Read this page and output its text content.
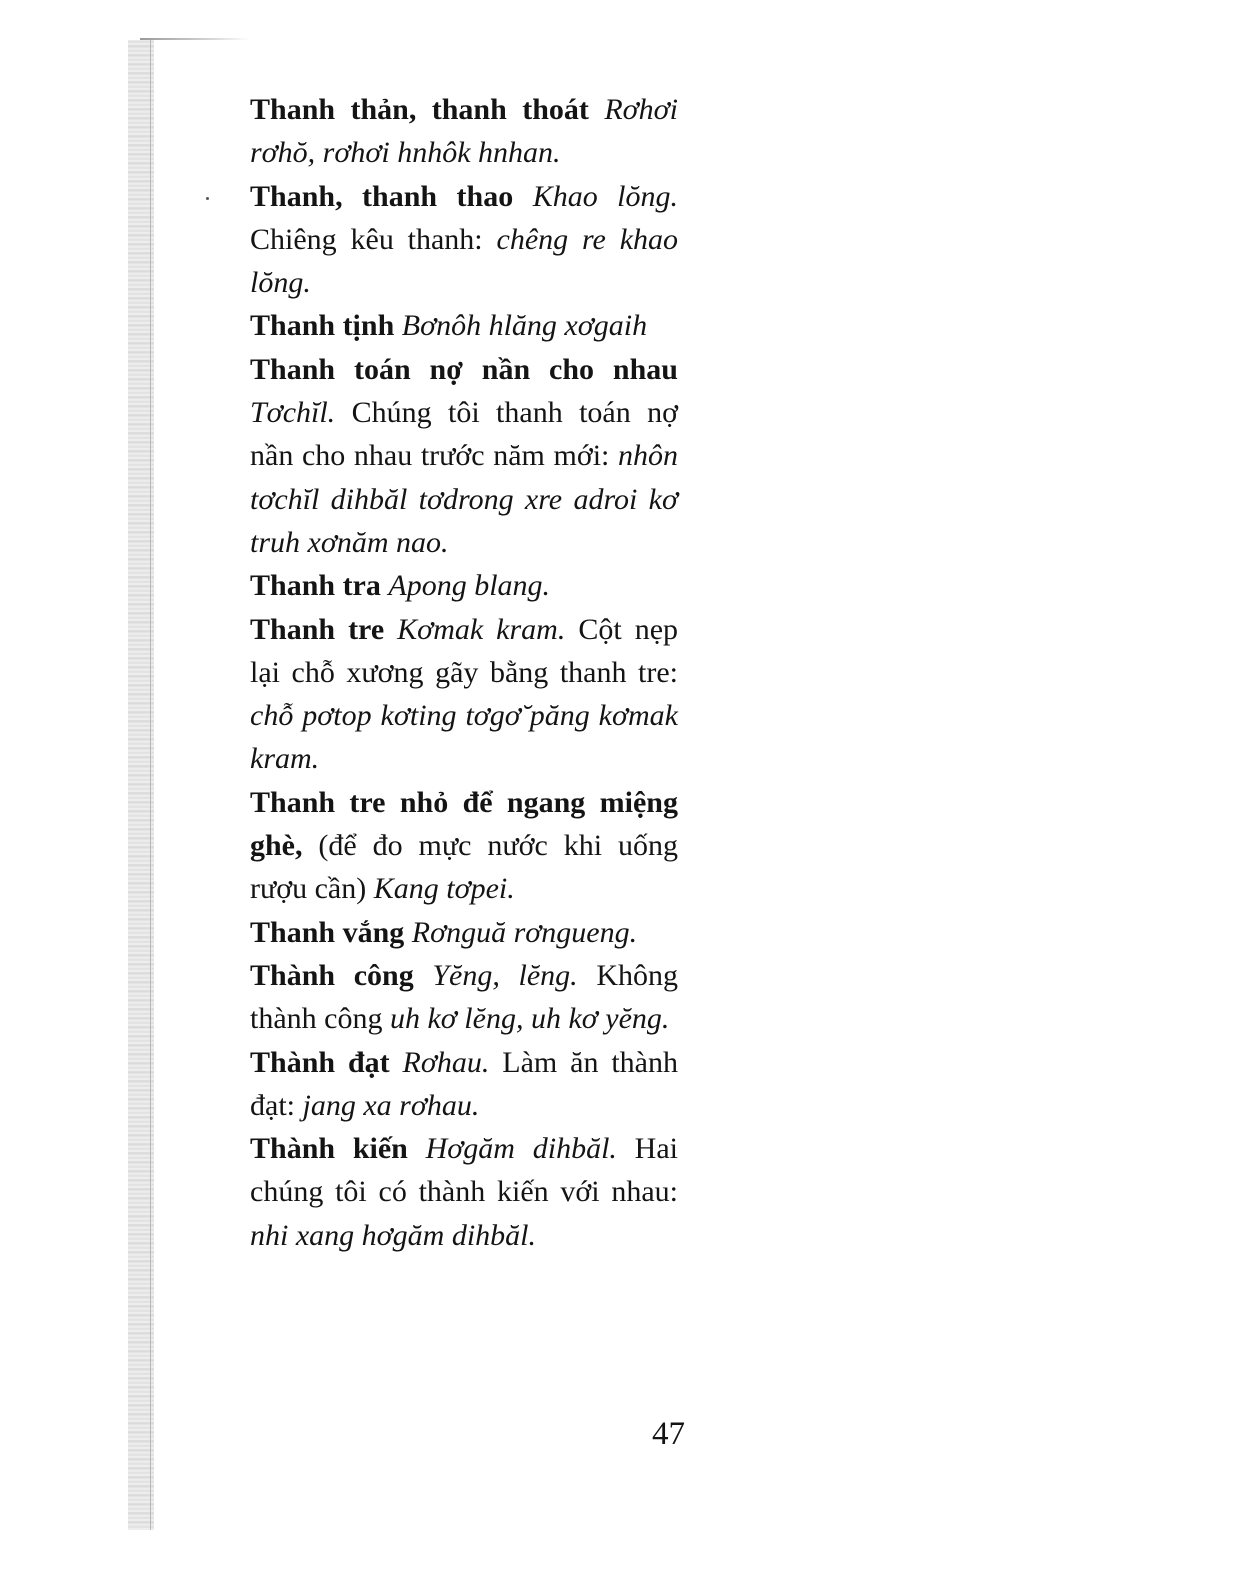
Thanh thản, thanh thoát Rơhơi rơhŏ, rơhơi hnhôk hnhan.
Thanh, thanh thao Khao lŏng. Chiêng kêu thanh: chêng re khao lŏng.
Thanh tịnh Bơnôh hlăng xơgaih
Thanh toán nợ nần cho nhau Tơchĭl. Chúng tôi thanh toán nợ nần cho nhau trước năm mới: nhôn tơchĭl dihbăl tơdrong xre adroi kơ truh xơnăm nao.
Thanh tra Apong blang.
Thanh tre Kơmak kram. Cột nẹp lại chỗ xương gãy bằng thanh tre: chỗ pơtop kơting tơgơ̆ păng kơmak kram.
Thanh tre nhỏ để ngang miệng ghè, (để đo mực nước khi uống rượu cần) Kang tơpei.
Thanh vắng Rơnguă rơngueng.
Thành công Yĕng, lĕng. Không thành công uh kơ lĕng, uh kơ yĕng.
Thành đạt Rơhau. Làm ăn thành đạt: jang xa rơhau.
Thành kiến Hơgăm dihbăl. Hai chúng tôi có thành kiến với nhau: nhi xang hơgăm dihbăl.
47
